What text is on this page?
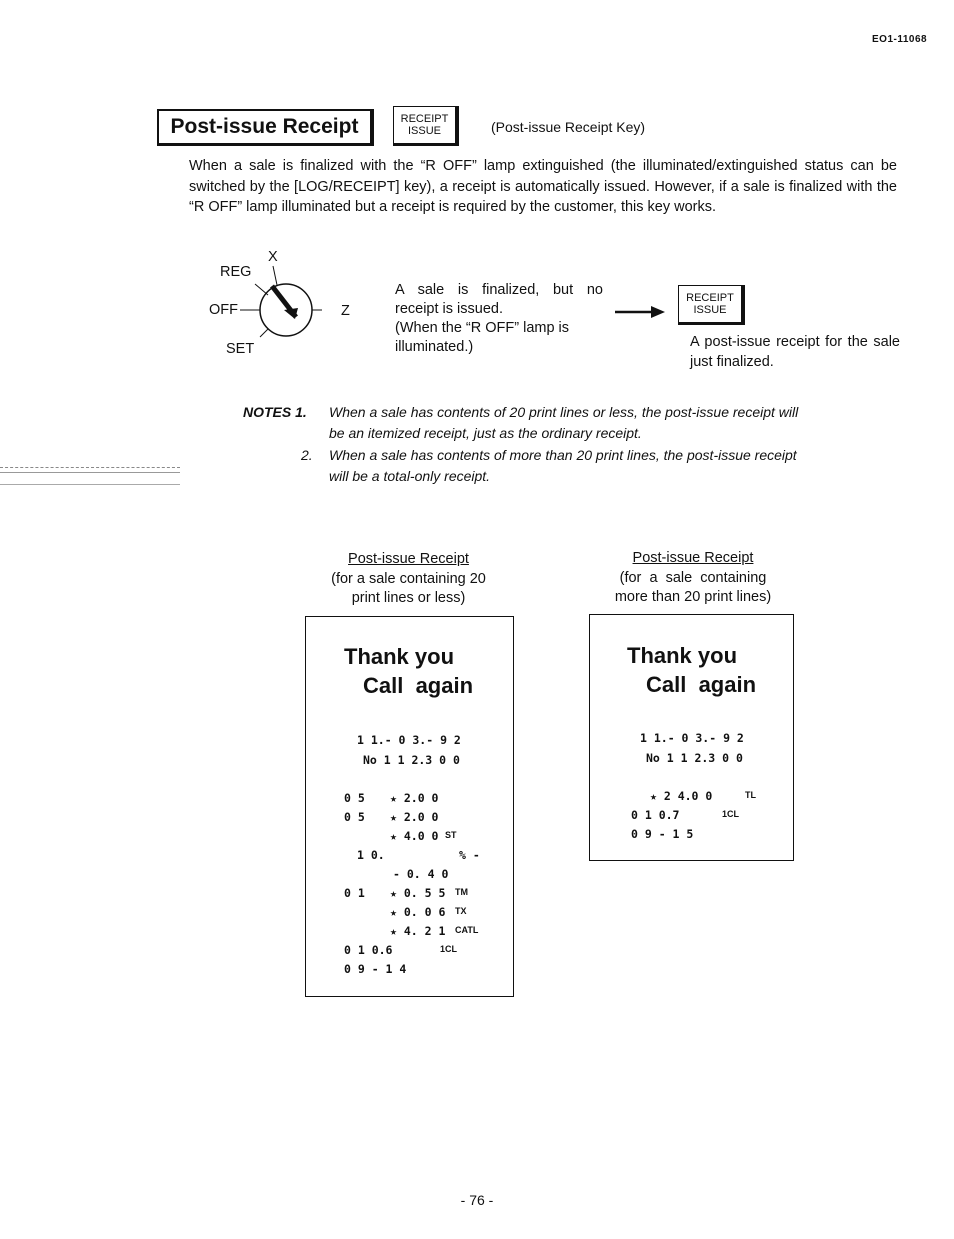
EO1-11068
Post-issue Receipt	RECEIPT
ISSUE	(Post-issue Receipt Key)
When a sale is finalized with the “R OFF” lamp extinguished (the illuminated/extinguished status can be switched by the [LOG/RECEIPT] key), a receipt is automatically issued. However, if a sale is finalized with the “R OFF” lamp illuminated but a receipt is required by the customer, this key works.
X
REG
OFF	Z
SET
A sale is finalized, but no
receipt is issued.
(When the “R OFF” lamp is
illuminated.)
RECEIPT
ISSUE
A post-issue receipt for the sale just finalized.
NOTES 1. When a sale has contents of 20 print lines or less, the post-issue receipt will
be an itemized receipt, just as the ordinary receipt.
2. When a sale has contents of more than 20 print lines, the post-issue receipt
will be a total-only receipt.
Post-issue Receipt
(for a sale containing 20
print lines or less)
Thank you
Call  again
1 1.- 0 3.- 9 2
No 1 1 2.3 0 0
0 5 ★ 2.0 0
0 5 ★ 2.0 0
★ 4.0 0 ST
1 0.	% -
- 0. 4 0
0 1 ★ 0. 5 5 TM
★ 0. 0 6 TX
★ 4. 2 1 CATL
0 1 0.6	1CL
0 9 - 1 4
Post-issue Receipt
(for  a  sale  containing
more than 20 print lines)
Thank you
Call  again
1 1.- 0 3.- 9 2
No 1 1 2.3 0 0
★ 2 4.0 0	TL
0 1 0.7	1CL
0 9 - 1 5
- 76 -
